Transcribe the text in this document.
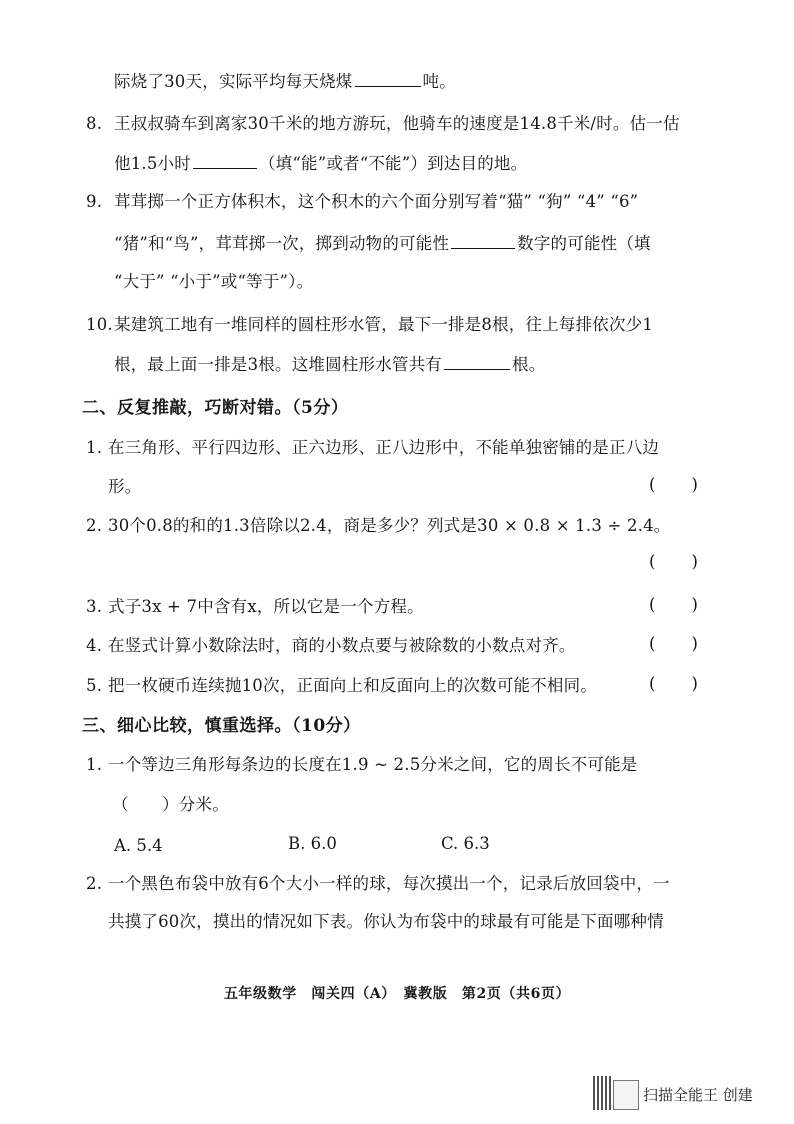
际烧了30天，实际平均每天烧煤	吨。
8. 王叔叔骑车到离家30千米的地方游玩，他骑车的速度是14.8千米/时。估一估
他1.5小时	（填“能”或者“不能”）到达目的地。
9. 茸茸掷一个正方体积木，这个积木的六个面分别写着“猫” “狗” “4” “6”
“猪”和“鸟”，茸茸掷一次，掷到动物的可能性	数字的可能性（填
“大于” “小于”或“等于”）。
10.某建筑工地有一堆同样的圆柱形水管，最下一排是8根，往上每排依次少1
根，最上面一排是3根。这堆圆柱形水管共有	根。
二、反复推敲，巧断对错。（5分）
1. 在三角形、平行四边形、正六边形、正八边形中，不能单独密铺的是正八边
形。	( )
2. 30个0.8的和的1.3倍除以2.4，商是多少？列式是30 × 0.8 × 1.3 ÷ 2.4。
( )
3. 式子3x + 7中含有x，所以它是一个方程。	( )
4. 在竖式计算小数除法时，商的小数点要与被除数的小数点对齐。	( )
5. 把一枚硬币连续抛10次，正面向上和反面向上的次数可能不相同。	( )
三、细心比较，慎重选择。（10分）
1. 一个等边三角形每条边的长度在1.9 ~ 2.5分米之间，它的周长不可能是
（　　）分米。
A. 5.4	B. 6.0	C. 6.3
2. 一个黑色布袋中放有6个大小一样的球，每次摸出一个，记录后放回袋中，一
共摸了60次，摸出的情况如下表。你认为布袋中的球最有可能是下面哪种情
五年级数学　闯关四（A）　冀教版　第2页（共6页）
扫描全能王 创建
